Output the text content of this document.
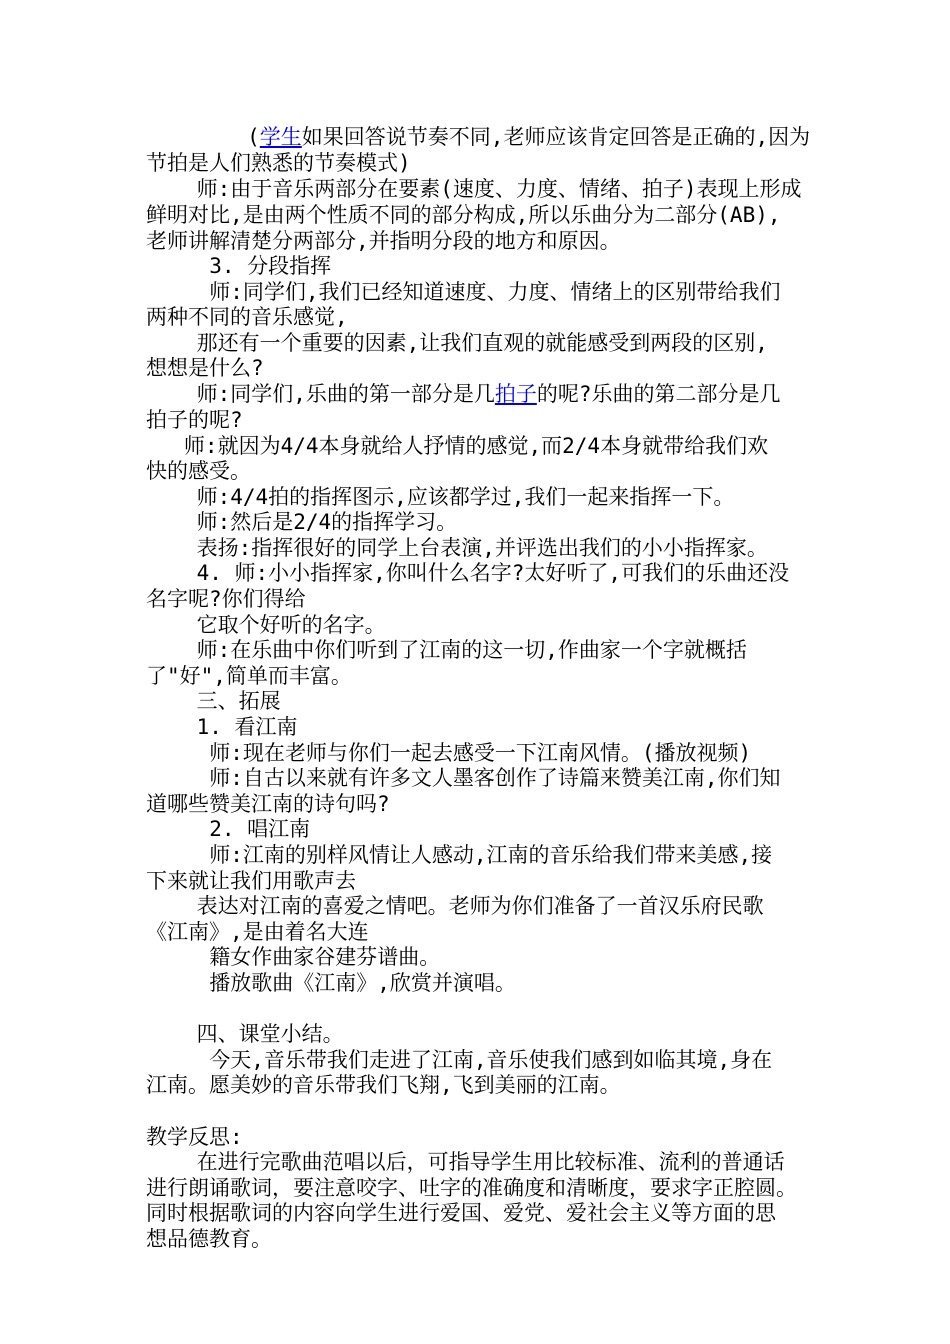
(学生如果回答说节奏不同,老师应该肯定回答是正确的,因为
节拍是人们熟悉的节奏模式)
师:由于音乐两部分在要素(速度、力度、情绪、拍子)表现上形成
鲜明对比,是由两个性质不同的部分构成,所以乐曲分为二部分(AB),
老师讲解清楚分两部分,并指明分段的地方和原因。
3. 分段指挥
师:同学们,我们已经知道速度、力度、情绪上的区别带给我们
两种不同的音乐感觉,
那还有一个重要的因素,让我们直观的就能感受到两段的区别,
想想是什么?
师:同学们,乐曲的第一部分是几拍子的呢?乐曲的第二部分是几
拍子的呢?
师:就因为4/4本身就给人抒情的感觉,而2/4本身就带给我们欢
快的感受。
师:4/4拍的指挥图示,应该都学过,我们一起来指挥一下。
师:然后是2/4的指挥学习。
表扬:指挥很好的同学上台表演,并评选出我们的小小指挥家。
4. 师:小小指挥家,你叫什么名字?太好听了,可我们的乐曲还没
名字呢?你们得给
它取个好听的名字。
师:在乐曲中你们听到了江南的这一切,作曲家一个字就概括
了"好",简单而丰富。
三、拓展
1. 看江南
师:现在老师与你们一起去感受一下江南风情。(播放视频)
师:自古以来就有许多文人墨客创作了诗篇来赞美江南,你们知
道哪些赞美江南的诗句吗?
2. 唱江南
师:江南的别样风情让人感动,江南的音乐给我们带来美感,接
下来就让我们用歌声去
表达对江南的喜爱之情吧。老师为你们准备了一首汉乐府民歌
《江南》,是由着名大连
籍女作曲家谷建芬谱曲。
播放歌曲《江南》,欣赏并演唱。
四、课堂小结。
今天,音乐带我们走进了江南,音乐使我们感到如临其境,身在
江南。愿美妙的音乐带我们飞翔,飞到美丽的江南。
教学反思:
在进行完歌曲范唱以后，可指导学生用比较标准、流利的普通话
进行朗诵歌词，要注意咬字、吐字的准确度和清晰度，要求字正腔圆。
同时根据歌词的内容向学生进行爱国、爱党、爱社会主义等方面的思
想品德教育。
